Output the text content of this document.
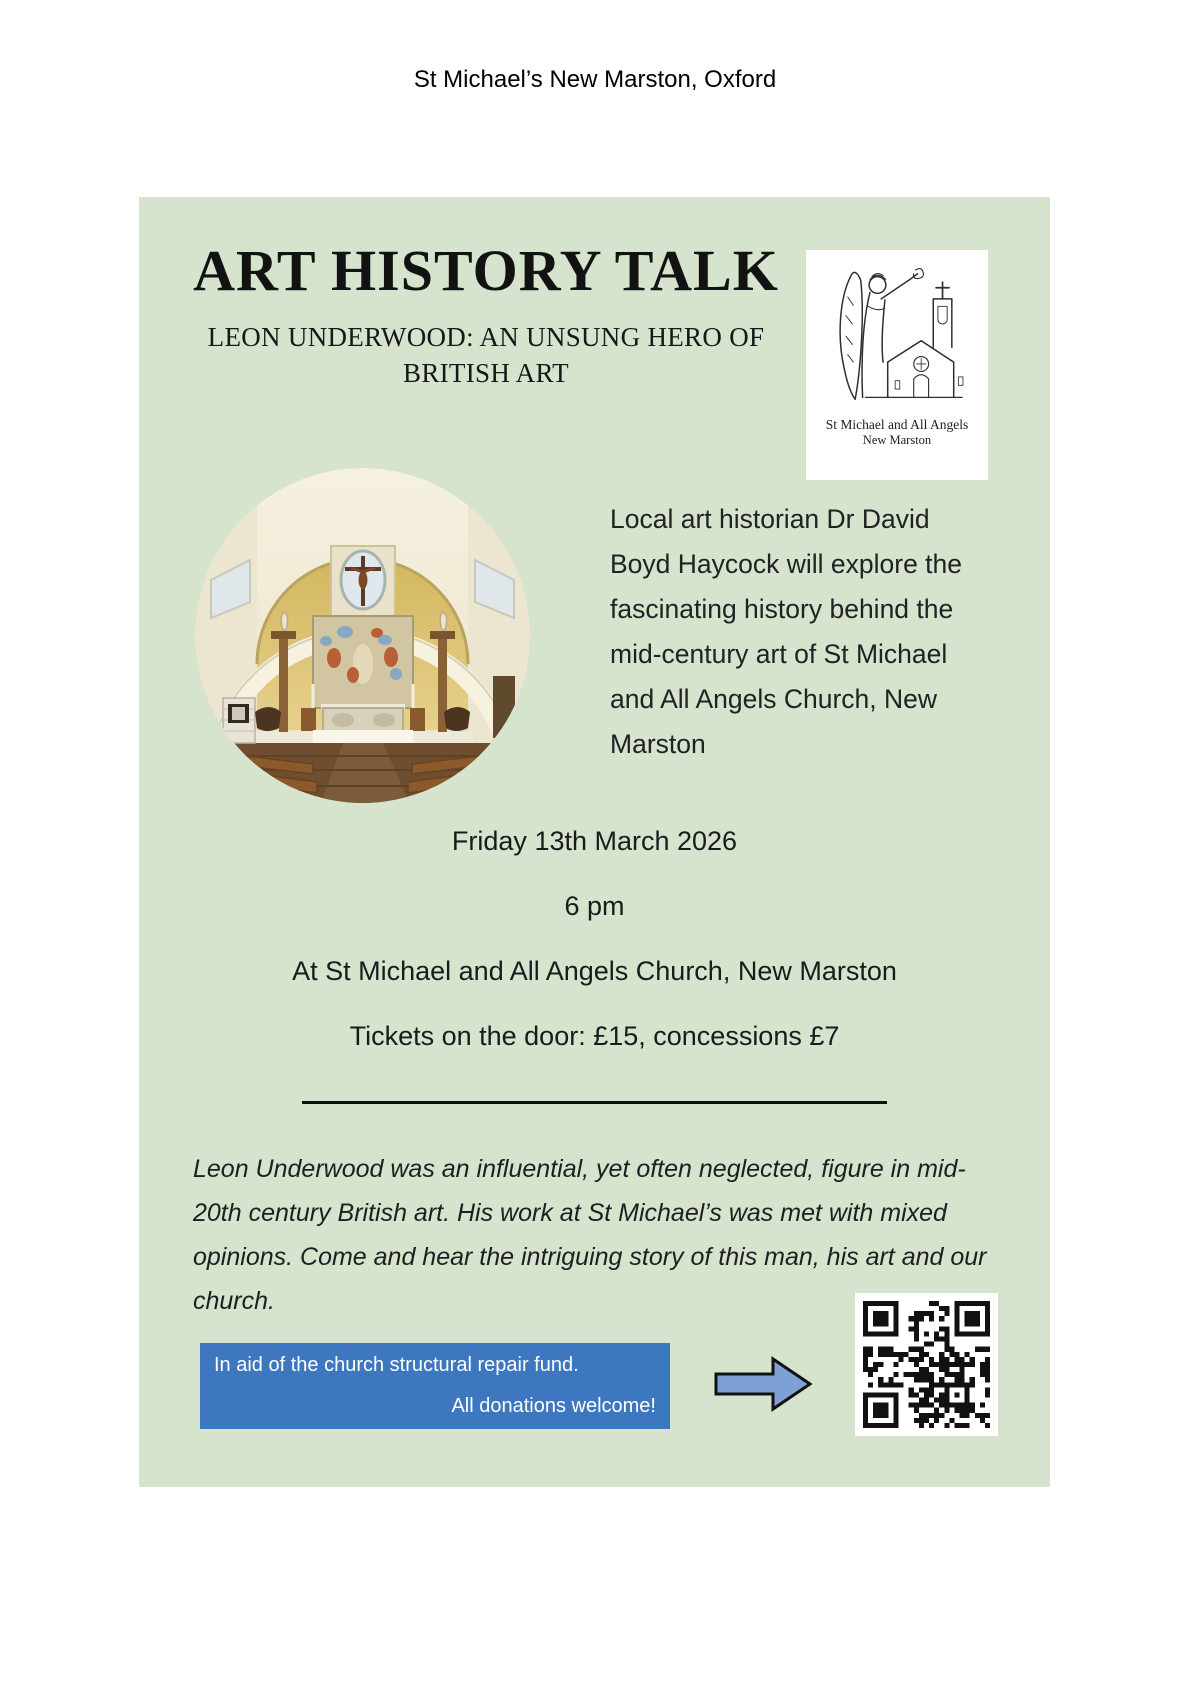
St Michael’s New Marston, Oxford
ART HISTORY TALK
LEON UNDERWOOD: AN UNSUNG HERO OF BRITISH ART
St Michael and All Angels
New Marston
Local art historian Dr David Boyd Haycock will explore the fascinating history behind the mid-century art of St Michael and All Angels Church, New Marston
Friday 13th March 2026
6 pm
At St Michael and All Angels Church, New Marston
Tickets on the door: £15, concessions £7
Leon Underwood was an influential, yet often neglected, figure in mid-20th century British art. His work at St Michael’s was met with mixed opinions. Come and hear the intriguing story of this man, his art and our church.
In aid of the church structural repair fund.
All donations welcome!
